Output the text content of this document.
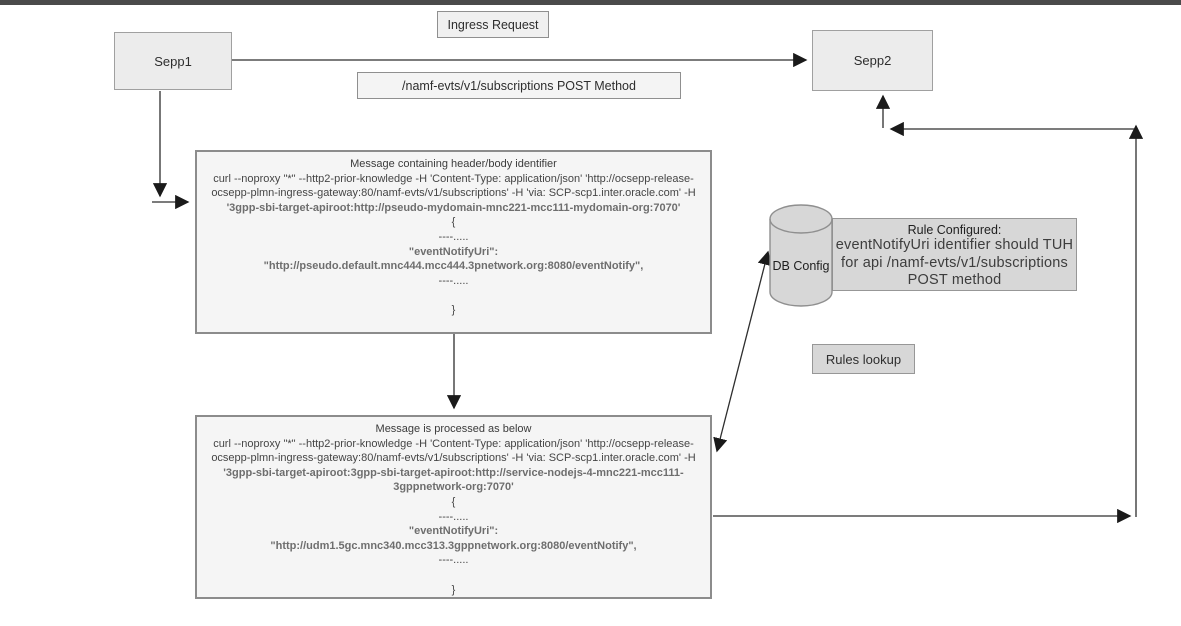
Sepp1	Sepp2
Ingress Request
/namf-evts/v1/subscriptions POST Method
Message containing header/body identifier
curl --noproxy "*" --http2-prior-knowledge -H 'Content-Type: application/json' 'http://ocsepp-release-ocsepp-plmn-ingress-gateway:80/namf-evts/v1/subscriptions' -H 'via: SCP-scp1.inter.oracle.com' -H '3gpp-sbi-target-apiroot:http://pseudo-mydomain-mnc221-mcc111-mydomain-org:7070'
{
----.....
"eventNotifyUri":
"http://pseudo.default.mnc444.mcc444.3pnetwork.org:8080/eventNotify",
----.....
}
Message is processed as below
curl --noproxy "*" --http2-prior-knowledge -H 'Content-Type: application/json' 'http://ocsepp-release-ocsepp-plmn-ingress-gateway:80/namf-evts/v1/subscriptions' -H 'via: SCP-scp1.inter.oracle.com' -H '3gpp-sbi-target-apiroot:3gpp-sbi-target-apiroot:http://service-nodejs-4-mnc221-mcc111-3gppnetwork-org:7070'
{
----.....
"eventNotifyUri":
"http://udm1.5gc.mnc340.mcc313.3gppnetwork.org:8080/eventNotify",
----.....
}
Rule Configured:
eventNotifyUri identifier should TUH
for api /namf-evts/v1/subscriptions
POST method
DB Config
Rules lookup
